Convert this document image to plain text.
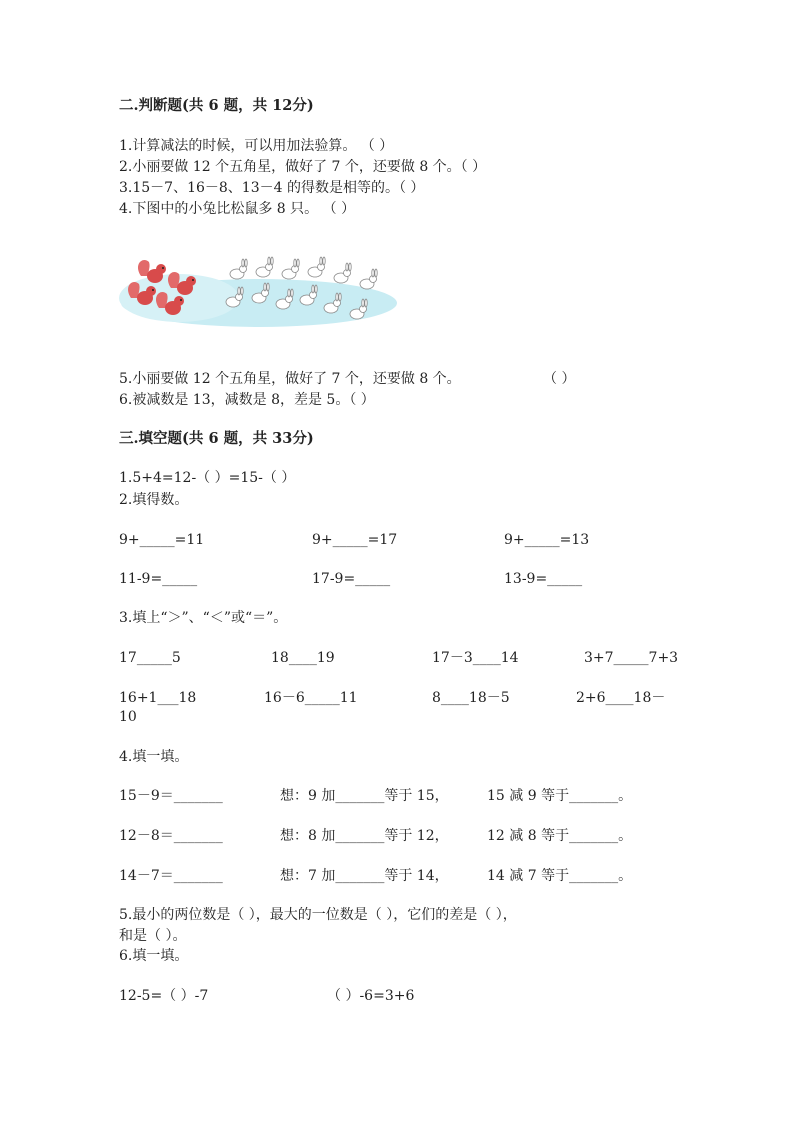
二.判断题(共 6 题，共 12分)
1.计算减法的时候，可以用加法验算。 （ ）
2.小丽要做 12 个五角星，做好了 7 个，还要做 8 个。（ ）
3.15－7、16－8、13－4 的得数是相等的。（ ）
4.下图中的小兔比松鼠多 8 只。 （ ）
5.小丽要做 12 个五角星，做好了 7 个，还要做 8 个。	（ ）
6.被减数是 13，减数是 8，差是 5。（ ）
三.填空题(共 6 题，共 33分)
1.5+4=12-（ ）=15-（ ）
2.填得数。
9+_____=11	9+_____=17	9+_____=13
11-9=_____	17-9=_____	13-9=_____
3.填上“＞”、“＜”或“＝”。
17_____5	18____19	17－3____14	3+7_____7+3
16+1___18	16－6_____11	8____18－5	2+6____18－
10
4.填一填。
15－9＝_______	想：9 加_______等于 15，	15 减 9 等于_______。
12－8＝_______	想：8 加_______等于 12，	12 减 8 等于_______。
14－7＝_______	想：7 加_______等于 14，	14 减 7 等于_______。
5.最小的两位数是（ ），最大的一位数是（ ），它们的差是（ ），
和是（ ）。
6.填一填。
12-5=（ ）-7	（ ）-6=3+6
